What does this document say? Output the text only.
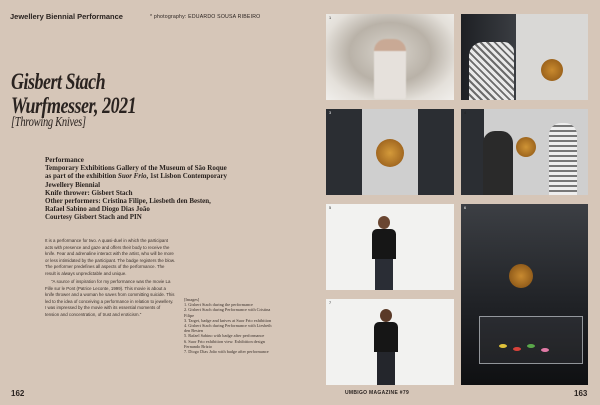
Jewellery Biennial Performance	* photography: EDUARDO SOUSA RIBEIRO
Gisbert Stach
Wurfmesser, 2021
[Throwing Knives]
Performance
Temporary Exhibitions Gallery of the Museum of São Roque
as part of the exhibition Suor Frio, 1st Lisbon Contemporary
Jewellery Biennial
Knife thrower: Gisbert Stach
Other performers: Cristina Filipe, Liesbeth den Besten,
Rafael Sabino and Diogo Dias João
Courtesy Gisbert Stach and PIN

It is a performance for two. A quasi-duel in which the participant acts with presence and gaze and offers their body to receive the knife. Fear and adrenaline interact with the artist, who will be more or less intimidated by the participant. The badge registers the blow. The performer predefines all aspects of the performance. The result is always unpredictable and unique.

"A source of inspiration for my performance was the movie La Fille sur le Pont (Patrice Leconte, 1999). This movie is about a knife thrower and a woman he saves from committing suicide. This led to the idea of conceiving a performance in relation to jewellery. I was impressed by the movie with its essential moments of tension and concentration, of trust and eroticism."

[Images]
1. Gisbert Stach during the performance
2. Gisbert Stach during Performance with Cristina Filipe
3. Target, badge and knives at Suor Frio exhibition
4. Gisbert Stach during Performance with Liesbeth den Besten
5. Rafael Sabino with badge after performance
6. Suor Frio exhibition view. Exhibition design Fernando Brízio
7. Diogo Dias João with badge after performance
1	2
3	4
5
7
6
162	UMBIGO MAGAZINE #79	163
